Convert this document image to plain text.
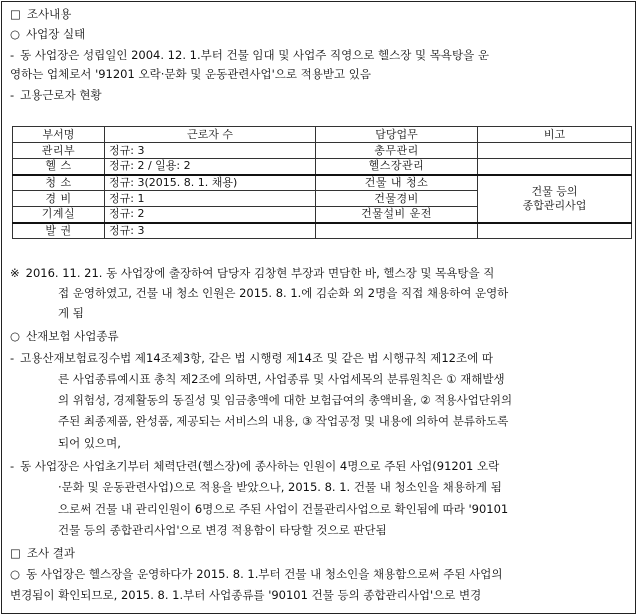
□ 조사내용
○ 사업장 실태
- 동 사업장은 성립일인 2004. 12. 1.부터 건물 임대 및 사업주 직영으로 헬스장 및 목욕탕을 운
영하는 업체로서 '91201 오락·문화 및 운동관련사업'으로 적용받고 있음
- 고용근로자 현황
부서명	근로자 수	담당업무	비고
관리부	정규: 3	총무관리	
헬 스	정규: 2 / 일용: 2	헬스장관리	
청 소	정규: 3(2015. 8. 1. 채용)	건물 내 청소	건물 등의
종합관리사업
경 비	정규: 1	건물경비	
기계실	정규: 2	건물설비 운전	
발 권	정규: 3		
※ 2016. 11. 21. 동 사업장에 출장하여 담당자 김창현 부장과 면담한 바, 헬스장 및 목욕탕을 직
접 운영하였고, 건물 내 청소 인원은 2015. 8. 1.에 김순화 외 2명을 직접 채용하여 운영하
게 됨
○ 산재보험 사업종류
- 고용산재보험료징수법 제14조제3항, 같은 법 시행령 제14조 및 같은 법 시행규칙 제12조에 따
른 사업종류예시표 총칙 제2조에 의하면, 사업종류 및 사업세목의 분류원칙은 ① 재해발생
의 위험성, 경제활동의 동질성 및 임금총액에 대한 보험급여의 총액비율, ② 적용사업단위의
주된 최종제품, 완성품, 제공되는 서비스의 내용, ③ 작업공정 및 내용에 의하여 분류하도록
되어 있으며,
- 동 사업장은 사업초기부터 체력단련(헬스장)에 종사하는 인원이 4명으로 주된 사업(91201 오락
·문화 및 운동관련사업)으로 적용을 받았으나, 2015. 8. 1. 건물 내 청소인을 채용하게 됨
으로써 건물 내 관리인원이 6명으로 주된 사업이 건물관리사업으로 확인됨에 따라 '90101
건물 등의 종합관리사업'으로 변경 적용함이 타당할 것으로 판단됨
□ 조사 결과
○ 동 사업장은 헬스장을 운영하다가 2015. 8. 1.부터 건물 내 청소인을 채용함으로써 주된 사업의
변경됨이 확인되므로, 2015. 8. 1.부터 사업종류를 '90101 건물 등의 종합관리사업'으로 변경
